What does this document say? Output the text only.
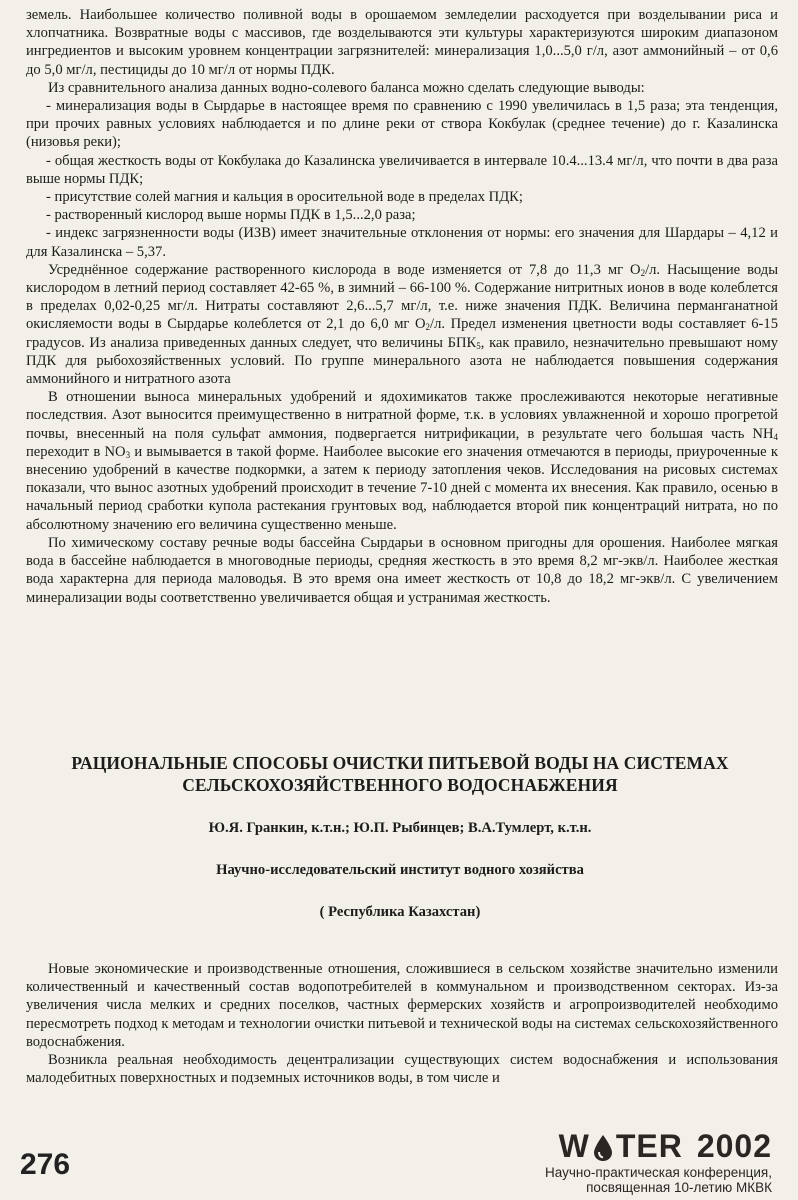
земель. Наибольшее количество поливной воды в орошаемом земледелии расходуется при возделывании риса и хлопчатника. Возвратные воды с массивов, где возделываются эти культуры характеризуются широким диапазоном ингредиентов и высоким уровнем концентрации загрязнителей: минерализация 1,0...5,0 г/л, азот аммонийный – от 0,6 до 5,0 мг/л, пестициды до 10 мг/л от нормы ПДК.

Из сравнительного анализа данных водно-солевого баланса можно сделать следующие выводы:

- минерализация воды в Сырдарье в настоящее время по сравнению с 1990 увеличилась в 1,5 раза; эта тенденция, при прочих равных условиях наблюдается и по длине реки от створа Кокбулак (среднее течение) до г. Казалинска (низовья реки);

- общая жесткость воды от Кокбулака до Казалинска увеличивается в интервале 10.4...13.4 мг/л, что почти в два раза выше нормы ПДК;

- присутствие солей магния и кальция в оросительной воде в пределах ПДК;

- растворенный кислород выше нормы ПДК в 1,5...2,0 раза;

- индекс загрязненности воды (ИЗВ) имеет значительные отклонения от нормы: его значения для Шардары – 4,12 и для Казалинска – 5,37.

Усреднённое содержание растворенного кислорода в воде изменяется от 7,8 до 11,3 мг $O_2/л$. Насыщение воды кислородом в летний период составляет 42-65 %, в зимний – 66-100 %. Содержание нитритных ионов в воде колеблется в пределах 0,02-0,25 мг/л. Нитраты составляют 2,6...5,7 мг/л, т.е. ниже значения ПДК. Величина перманганатной окисляемости воды в Сырдарье колеблется от 2,1 до 6,0 мг $O_2/л$. Предел изменения цветности воды составляет 6-15 градусов. Из анализа приведенных данных следует, что величины $БПК_5$, как правило, незначительно превышают ному ПДК для рыбохозяйственных условий. По группе минерального азота не наблюдается повышения содержания аммонийного и нитратного азота

В отношении выноса минеральных удобрений и ядохимикатов также прослеживаются некоторые негативные последствия. Азот выносится преимущественно в нитратной форме, т.к. в условиях увлажненной и хорошо прогретой почвы, внесенный на поля сульфат аммония, подвергается нитрификации, в результате чего большая часть $NH_4$ переходит в $NO_3$ и вымывается в такой форме. Наиболее высокие его значения отмечаются в периоды, приуроченные к внесению удобрений в качестве подкормки, а затем к периоду затопления чеков. Исследования на рисовых системах показали, что вынос азотных удобрений происходит в течение 7-10 дней с момента их внесения. Как правило, осенью в начальный период сработки купола растекания грунтовых вод, наблюдается второй пик концентраций нитрата, но по абсолютному значению его величина существенно меньше.

По химическому составу речные воды бассейна Сырдарьи в основном пригодны для орошения. Наиболее мягкая вода в бассейне наблюдается в многоводные периоды, средняя жесткость в это время 8,2 мг-экв/л. Наиболее жесткая вода характерна для периода маловодья. В это время она имеет жесткость от 10,8 до 18,2 мг-экв/л. С увеличением минерализации воды соответственно увеличивается общая и устранимая жесткость.

РАЦИОНАЛЬНЫЕ СПОСОБЫ ОЧИСТКИ ПИТЬЕВОЙ ВОДЫ НА СИСТЕМАХ
СЕЛЬСКОХОЗЯЙСТВЕННОГО ВОДОСНАБЖЕНИЯ
Ю.Я. Гранкин, к.т.н.; Ю.П. Рыбинцев; В.А.Тумлерт, к.т.н.
Научно-исследовательский институт водного хозяйства
( Республика Казахстан)

Новые экономические и производственные отношения, сложившиеся в сельском хозяйстве значительно изменили количественный и качественный состав водопотребителей в коммунальном и производственном секторах. Из-за увеличения числа мелких и средних поселков, частных фермерских хозяйств и агропроизводителей необходимо пересмотреть подход к методам и технологии очистки питьевой и технической воды на системах сельскохозяйственного водоснабжения.

Возникла реальная необходимость децентрализации существующих систем водоснабжения и использования малодебитных поверхностных и подземных источников воды, в том числе и

276
W TER 2002
Научно-практическая конференция,
посвященная 10-летию МКВК
